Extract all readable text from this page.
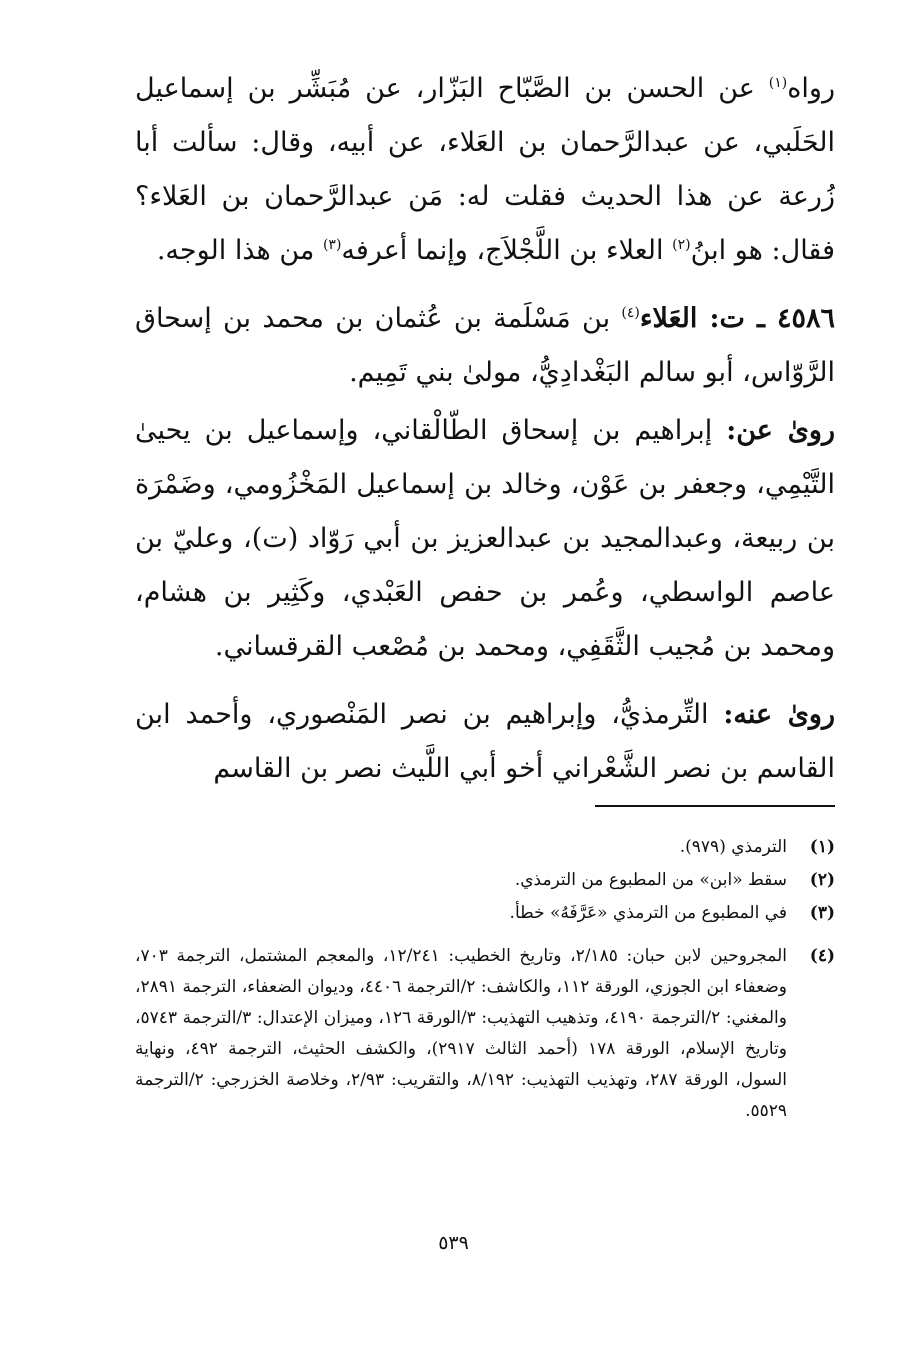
رواه$^{(١)}$ عن الحسن بن الصَّبّاح البَزّار، عن مُبَشِّر بن إسماعيل الحَلَبي، عن عبدالرَّحمان بن العَلاء، عن أبيه، وقال: سألت أبا زُرعة عن هذا الحديث فقلت له: مَن عبدالرَّحمان بن العَلاء؟ فقال: هو ابنُ$^{(٢)}$ العلاء بن اللَّجْلاَج، وإنما أعرفه$^{(٣)}$ من هذا الوجه.

٤٥٨٦ ـ ت: العَلاء$^{(٤)}$ بن مَسْلَمة بن عُثمان بن محمد بن إسحاق الرَّوّاس، أبو سالم البَغْدادِيُّ، مولىٰ بني تَمِيم.

رویٰ عن: إبراهيم بن إسحاق الطّالْقاني، وإسماعيل بن يحيىٰ التَّيْمِي، وجعفر بن عَوْن، وخالد بن إسماعيل المَخْزُومي، وضَمْرَة بن ربيعة، وعبدالمجيد بن عبدالعزيز بن أبي رَوّاد (ت)، وعليّ بن عاصم الواسطي، وعُمر بن حفص العَبْدي، وكَثِير بن هشام، ومحمد بن مُجيب الثَّقَفِي، ومحمد بن مُصْعب القرقساني.

رویٰ عنه: التِّرمذيُّ، وإبراهيم بن نصر المَنْصوري، وأحمد ابن القاسم بن نصر الشَّعْراني أخو أبي اللَّيث نصر بن القاسم

(١)
الترمذي (٩٧٩).
(٢)
سقط «ابن» من المطبوع من الترمذي.
(٣)
في المطبوع من الترمذي «عَرَّفَهُ» خطأ.
(٤)
المجروحين لابن حبان: ٢/١٨٥، وتاريخ الخطيب: ١٢/٢٤١، والمعجم المشتمل، الترجمة ٧٠٣، وضعفاء ابن الجوزي، الورقة ١١٢، والكاشف: ٢/الترجمة ٤٤٠٦، وديوان الضعفاء، الترجمة ٢٨٩١، والمغني: ٢/الترجمة ٤١٩٠، وتذهيب التهذيب: ٣/الورقة ١٢٦، وميزان الإعتدال: ٣/الترجمة ٥٧٤٣، وتاريخ الإسلام، الورقة ١٧٨ (أحمد الثالث ٢٩١٧)، والكشف الحثيث، الترجمة ٤٩٢، ونهاية السول، الورقة ٢٨٧، وتهذيب التهذيب: ٨/١٩٢، والتقريب: ٢/٩٣، وخلاصة الخزرجي: ٢/الترجمة ٥٥٢٩.
٥٣٩
